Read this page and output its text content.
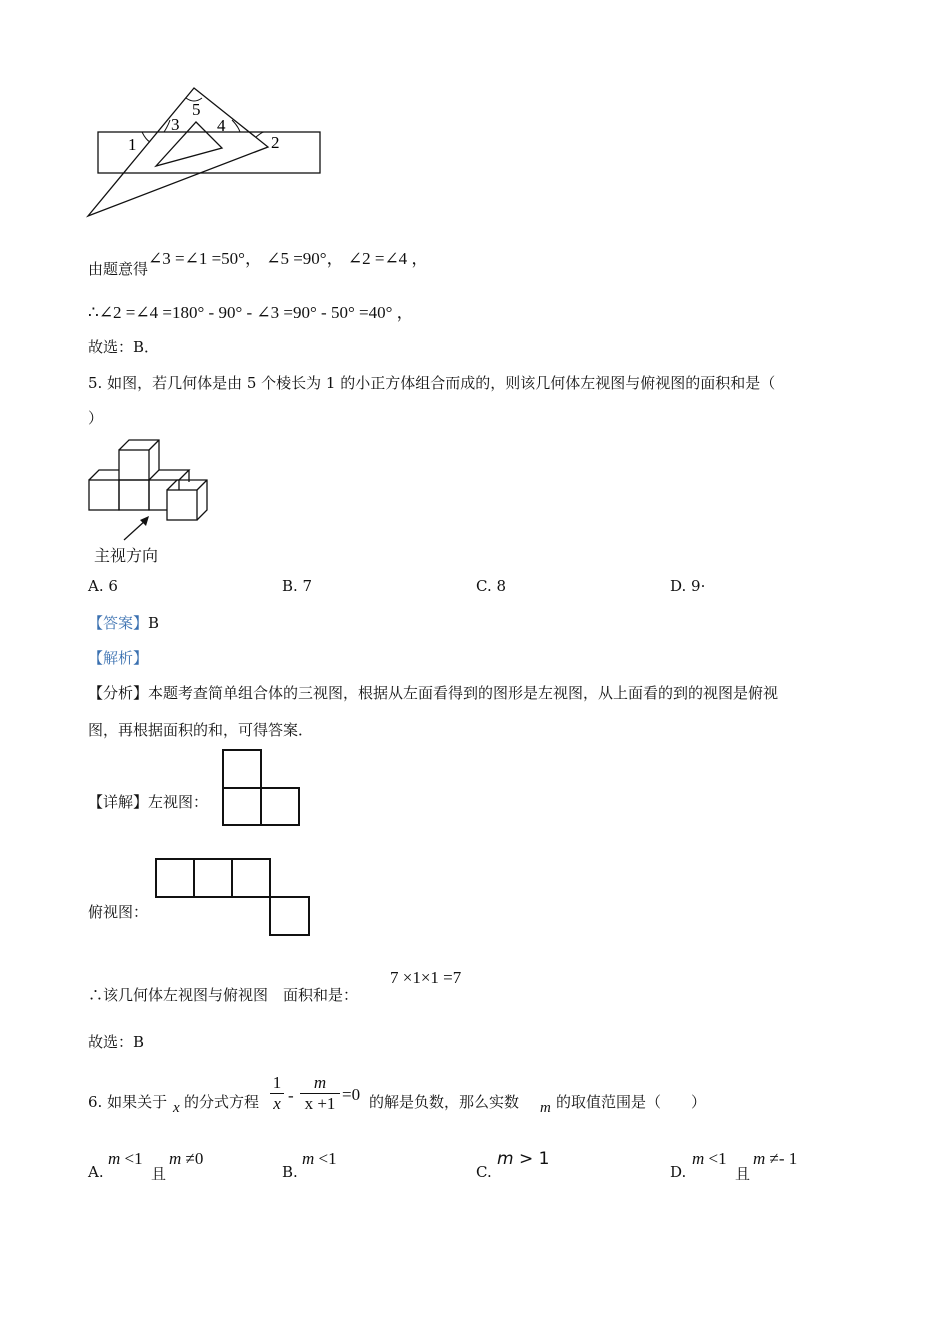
1	2
3 4
5
由题意得∠3 =∠1 =50°， ∠5 =90°， ∠2 =∠4 ，
∴∠2 =∠4 =180° - 90° - ∠3 =90° - 50° =40° ，
故选：B．
5. 如图，若几何体是由 5 个棱长为 1 的小正方体组合而成的，则该几何体左视图与俯视图的面积和是（
）
主视方向
A. 6	B. 7	C. 8	D. 9·
【答案】B
【解析】
【分析】本题考查简单组合体的三视图，根据从左面看得到的图形是左视图，从上面看的到的视图是俯视
图，再根据面积的和，可得答案．
【详解】左视图：
俯视图：
∴该几何体左视图与俯视图　面积和是：
7 ×1×1 =7
故选：B
6. 如果关于 x 的分式方程 $\frac{1}{x} - \frac{m}{x +1} =0$ 的解是负数，那么实数 m 的取值范围是（　　）
A.
m <1
且
m ≠0
B.
m <1
C.
m > 1
D.
m <1
且
m ≠- 1
